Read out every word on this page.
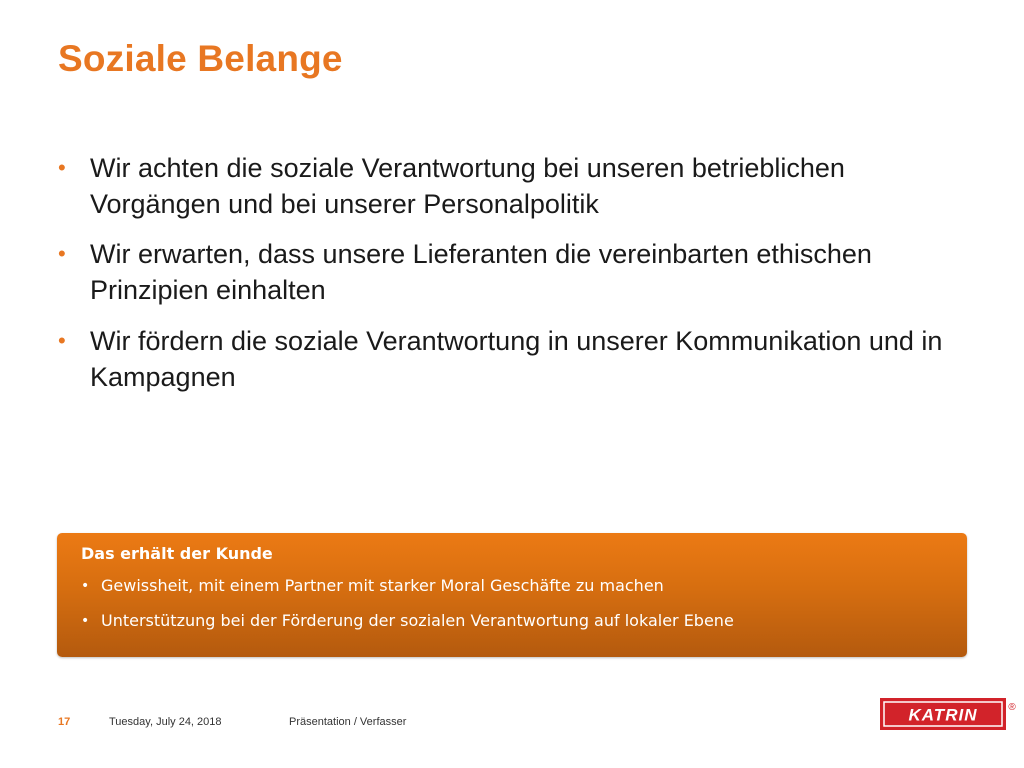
Soziale Belange
• Wir achten die soziale Verantwortung bei unseren betrieblichen Vorgängen und bei unserer Personalpolitik
• Wir erwarten, dass unsere Lieferanten die vereinbarten ethischen Prinzipien einhalten
• Wir fördern die soziale Verantwortung in unserer Kommunikation und in Kampagnen

Das erhält der Kunde

• Gewissheit, mit einem Partner mit starker Moral Geschäfte zu machen
• Unterstützung bei der Förderung der sozialen Verantwortung auf lokaler Ebene
17	Tuesday, July 24, 2018	Präsentation / Verfasser	KATRIN	®
